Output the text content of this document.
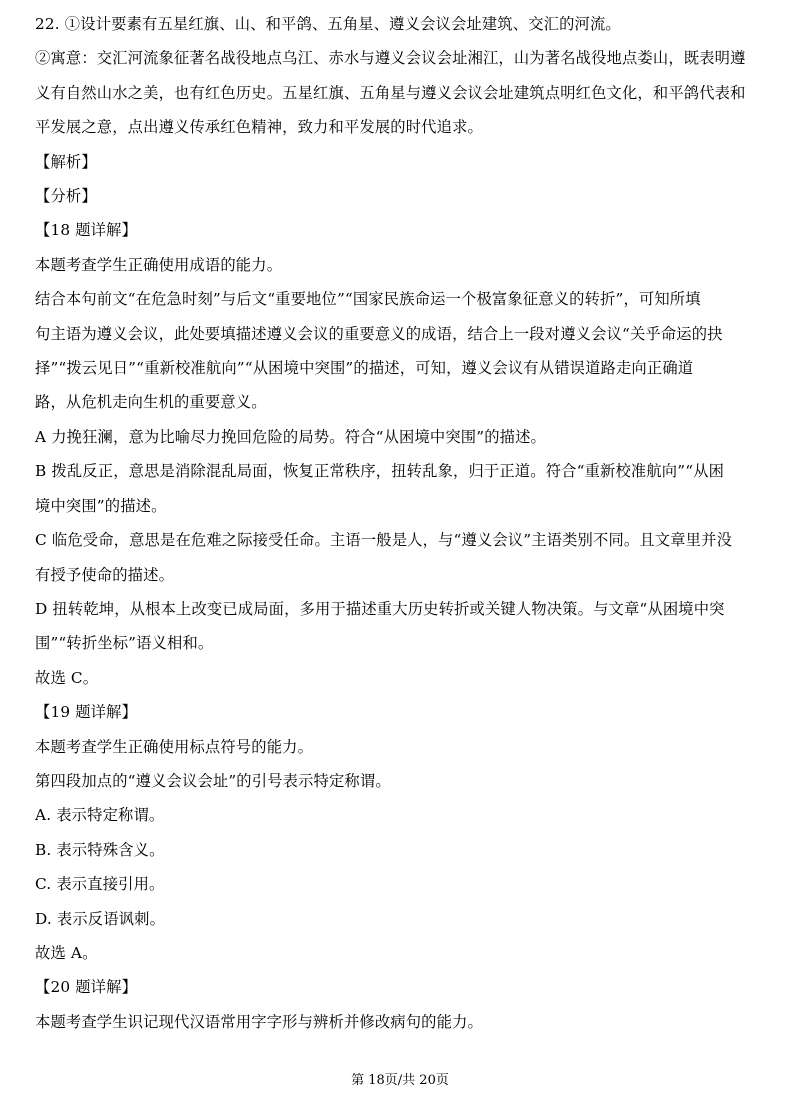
22. ①设计要素有五星红旗、山、和平鸽、五角星、遵义会议会址建筑、交汇的河流。

②寓意：交汇河流象征著名战役地点乌江、赤水与遵义会议会址湘江，山为著名战役地点娄山，既表明遵

义有自然山水之美，也有红色历史。五星红旗、五角星与遵义会议会址建筑点明红色文化，和平鸽代表和

平发展之意，点出遵义传承红色精神，致力和平发展的时代追求。

【解析】

【分析】

【18 题详解】

本题考查学生正确使用成语的能力。

结合本句前文“在危急时刻”与后文“重要地位”“国家民族命运一个极富象征意义的转折”，可知所填

句主语为遵义会议，此处要填描述遵义会议的重要意义的成语，结合上一段对遵义会议“关乎命运的抉

择”“拨云见日”“重新校准航向”“从困境中突围”的描述，可知，遵义会议有从错误道路走向正确道

路，从危机走向生机的重要意义。

A 力挽狂澜，意为比喻尽力挽回危险的局势。符合“从困境中突围”的描述。

B 拨乱反正，意思是消除混乱局面，恢复正常秩序，扭转乱象，归于正道。符合“重新校准航向”“从困

境中突围”的描述。

C 临危受命，意思是在危难之际接受任命。主语一般是人，与“遵义会议”主语类别不同。且文章里并没

有授予使命的描述。

D 扭转乾坤，从根本上改变已成局面，多用于描述重大历史转折或关键人物决策。与文章“从困境中突

围”“转折坐标”语义相和。

故选 C。

【19 题详解】

本题考查学生正确使用标点符号的能力。

第四段加点的“遵义会议会址”的引号表示特定称谓。

A. 表示特定称谓。

B. 表示特殊含义。

C. 表示直接引用。

D. 表示反语讽刺。

故选 A。

【20 题详解】

本题考查学生识记现代汉语常用字字形与辨析并修改病句的能力。

第 18页/共 20页
